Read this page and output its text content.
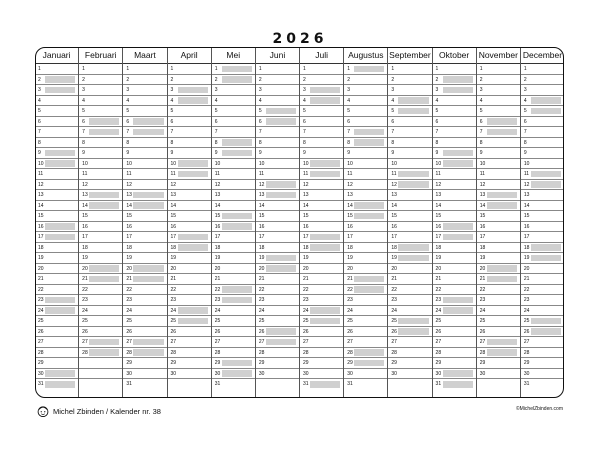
2026
Januari
1
2
3
4
5
6
7
8
9
10
11
12
13
14
15
16
17
18
19
20
21
22
23
24
25
26
27
28
29
30
31
Februari
1
2
3
4
5
6
7
8
9
10
11
12
13
14
15
16
17
18
19
20
21
22
23
24
25
26
27
28
Maart
1
2
3
4
5
6
7
8
9
10
11
12
13
14
15
16
17
18
19
20
21
22
23
24
25
26
27
28
29
30
31
April
1
2
3
4
5
6
7
8
9
10
11
12
13
14
15
16
17
18
19
20
21
22
23
24
25
26
27
28
29
30
Mei
1
2
3
4
5
6
7
8
9
10
11
12
13
14
15
16
17
18
19
20
21
22
23
24
25
26
27
28
29
30
31
Juni
1
2
3
4
5
6
7
8
9
10
11
12
13
14
15
16
17
18
19
20
21
22
23
24
25
26
27
28
29
30
Juli
1
2
3
4
5
6
7
8
9
10
11
12
13
14
15
16
17
18
19
20
21
22
23
24
25
26
27
28
29
30
31
Augustus
1
2
3
4
5
6
7
8
9
10
11
12
13
14
15
16
17
18
19
20
21
22
23
24
25
26
27
28
29
30
31
September
1
2
3
4
5
6
7
8
9
10
11
12
13
14
15
16
17
18
19
20
21
22
23
24
25
26
27
28
29
30
Oktober
1
2
3
4
5
6
7
8
9
10
11
12
13
14
15
16
17
18
19
20
21
22
23
24
25
26
27
28
29
30
31
November
1
2
3
4
5
6
7
8
9
10
11
12
13
14
15
16
17
18
19
20
21
22
23
24
25
26
27
28
29
30
December
1
2
3
4
5
6
7
8
9
10
11
12
13
14
15
16
17
18
19
20
21
22
23
24
25
26
27
28
29
30
31
Michel Zbinden / Kalender nr. 38	©MichelZbinden.com
